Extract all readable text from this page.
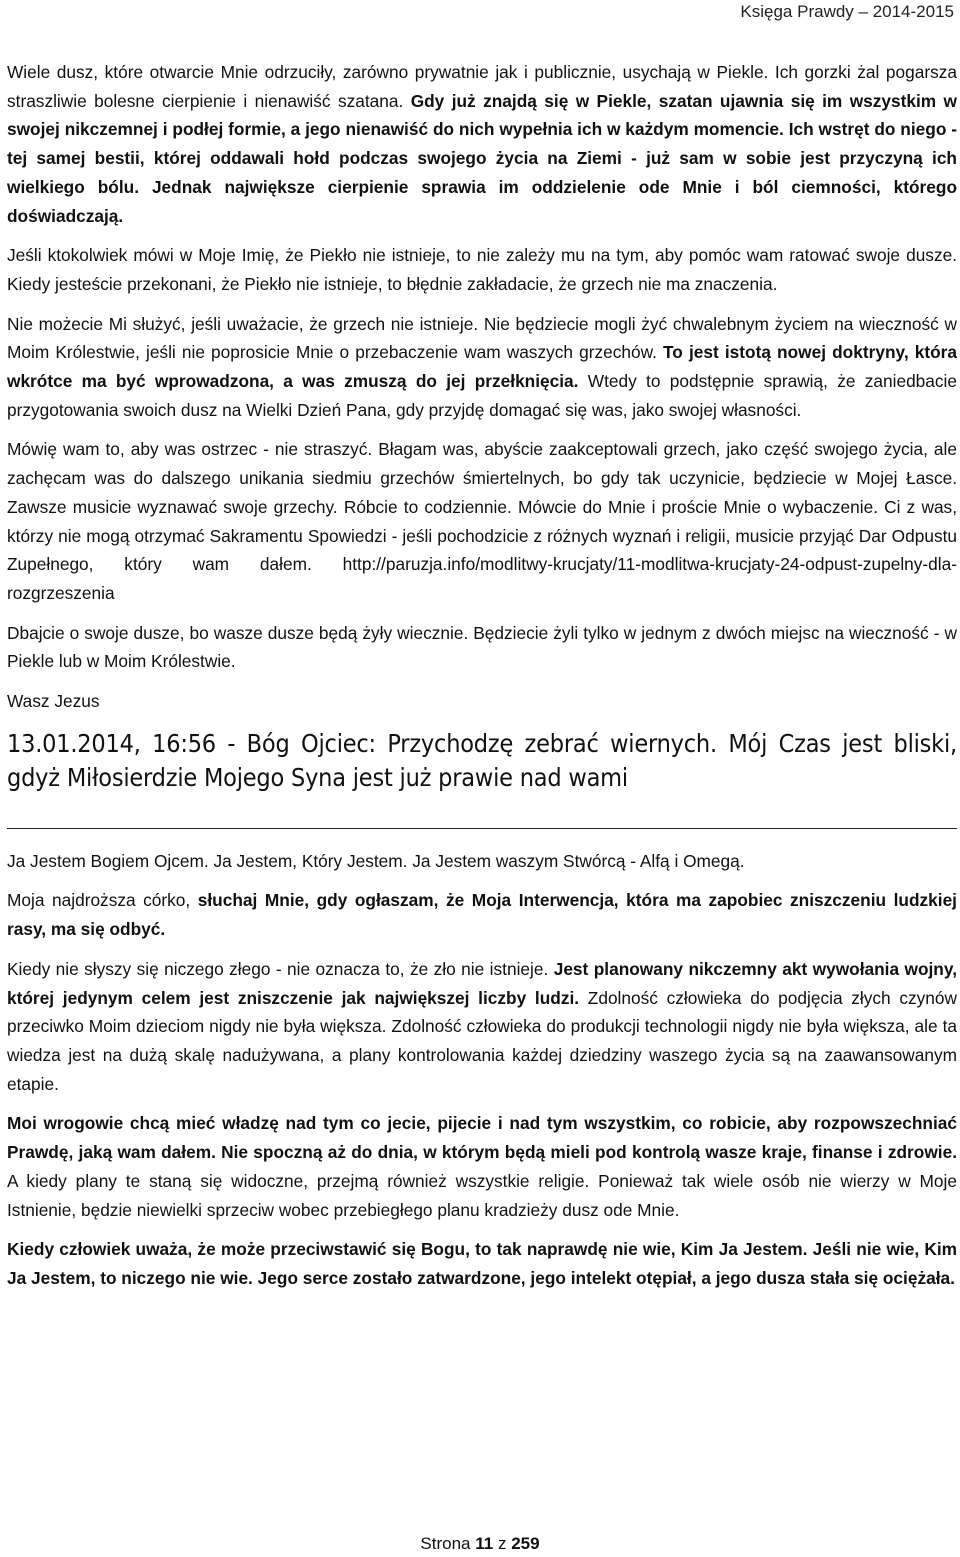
Księga Prawdy – 2014-2015

Wiele dusz, które otwarcie Mnie odrzuciły, zarówno prywatnie jak i publicznie, usychają w Piekle. Ich gorzki żal pogarsza straszliwie bolesne cierpienie i nienawiść szatana. Gdy już znajdą się w Piekle, szatan ujawnia się im wszystkim w swojej nikczemnej i podłej formie, a jego nienawiść do nich wypełnia ich w każdym momencie. Ich wstręt do niego - tej samej bestii, której oddawali hołd podczas swojego życia na Ziemi - już sam w sobie jest przyczyną ich wielkiego bólu. Jednak największe cierpienie sprawia im oddzielenie ode Mnie i ból ciemności, którego doświadczają.

Jeśli ktokolwiek mówi w Moje Imię, że Piekło nie istnieje, to nie zależy mu na tym, aby pomóc wam ratować swoje dusze. Kiedy jesteście przekonani, że Piekło nie istnieje, to błędnie zakładacie, że grzech nie ma znaczenia.

Nie możecie Mi służyć, jeśli uważacie, że grzech nie istnieje. Nie będziecie mogli żyć chwalebnym życiem na wieczność w Moim Królestwie, jeśli nie poprosicie Mnie o przebaczenie wam waszych grzechów. To jest istotą nowej doktryny, która wkrótce ma być wprowadzona, a was zmuszą do jej przełknięcia. Wtedy to podstępnie sprawią, że zaniedbacie przygotowania swoich dusz na Wielki Dzień Pana, gdy przyjdę domagać się was, jako swojej własności.

Mówię wam to, aby was ostrzec - nie straszyć. Błagam was, abyście zaakceptowali grzech, jako część swojego życia, ale zachęcam was do dalszego unikania siedmiu grzechów śmiertelnych, bo gdy tak uczynicie, będziecie w Mojej Łasce. Zawsze musicie wyznawać swoje grzechy. Róbcie to codziennie. Mówcie do Mnie i proście Mnie o wybaczenie. Ci z was, którzy nie mogą otrzymać Sakramentu Spowiedzi - jeśli pochodzicie z różnych wyznań i religii, musicie przyjąć Dar Odpustu Zupełnego, który wam dałem. http://paruzja.info/modlitwy-krucjaty/11-modlitwa-krucjaty-24-odpust-zupelny-dla-rozgrzeszenia

Dbajcie o swoje dusze, bo wasze dusze będą żyły wiecznie. Będziecie żyli tylko w jednym z dwóch miejsc na wieczność - w Piekle lub w Moim Królestwie.

Wasz Jezus

13.01.2014, 16:56 - Bóg Ojciec: Przychodzę zebrać wiernych. Mój Czas jest bliski, gdyż Miłosierdzie Mojego Syna jest już prawie nad wami

Ja Jestem Bogiem Ojcem. Ja Jestem, Który Jestem. Ja Jestem waszym Stwórcą - Alfą i Omegą.

Moja najdroższa córko, słuchaj Mnie, gdy ogłaszam, że Moja Interwencja, która ma zapobiec zniszczeniu ludzkiej rasy, ma się odbyć.

Kiedy nie słyszy się niczego złego - nie oznacza to, że zło nie istnieje. Jest planowany nikczemny akt wywołania wojny, której jedynym celem jest zniszczenie jak największej liczby ludzi. Zdolność człowieka do podjęcia złych czynów przeciwko Moim dzieciom nigdy nie była większa. Zdolność człowieka do produkcji technologii nigdy nie była większa, ale ta wiedza jest na dużą skalę nadużywana, a plany kontrolowania każdej dziedziny waszego życia są na zaawansowanym etapie.

Moi wrogowie chcą mieć władzę nad tym co jecie, pijecie i nad tym wszystkim, co robicie, aby rozpowszechniać Prawdę, jaką wam dałem. Nie spoczną aż do dnia, w którym będą mieli pod kontrolą wasze kraje, finanse i zdrowie. A kiedy plany te staną się widoczne, przejmą również wszystkie religie. Ponieważ tak wiele osób nie wierzy w Moje Istnienie, będzie niewielki sprzeciw wobec przebiegłego planu kradzieży dusz ode Mnie.

Kiedy człowiek uważa, że może przeciwstawić się Bogu, to tak naprawdę nie wie, Kim Ja Jestem. Jeśli nie wie, Kim Ja Jestem, to niczego nie wie. Jego serce zostało zatwardzone, jego intelekt otępiał, a jego dusza stała się ociężała.

Strona 11 z 259
